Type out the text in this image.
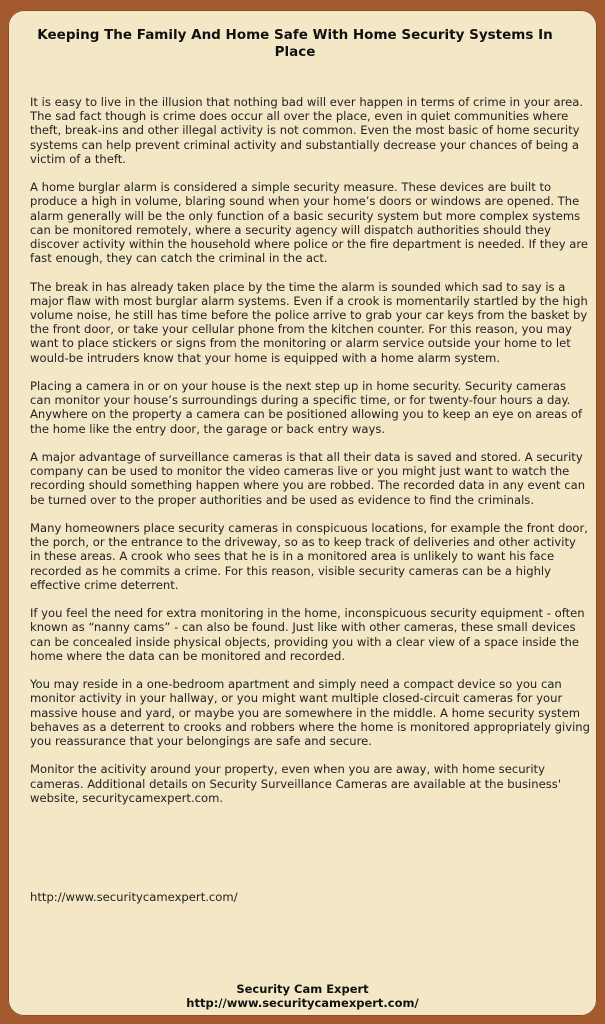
Keeping The Family And Home Safe With Home Security Systems In Place

It is easy to live in the illusion that nothing bad will ever happen in terms of crime in your area. The sad fact though is crime does occur all over the place, even in quiet communities where theft, break-ins and other illegal activity is not common. Even the most basic of home security systems can help prevent criminal activity and substantially decrease your chances of being a victim of a theft.

A home burglar alarm is considered a simple security measure. These devices are built to produce a high in volume, blaring sound when your home’s doors or windows are opened. The alarm generally will be the only function of a basic security system but more complex systems can be monitored remotely, where a security agency will dispatch authorities should they discover activity within the household where police or the fire department is needed. If they are fast enough, they can catch the criminal in the act.

The break in has already taken place by the time the alarm is sounded which sad to say is a major flaw with most burglar alarm systems. Even if a crook is momentarily startled by the high volume noise, he still has time before the police arrive to grab your car keys from the basket by the front door, or take your cellular phone from the kitchen counter. For this reason, you may want to place stickers or signs from the monitoring or alarm service outside your home to let would-be intruders know that your home is equipped with a home alarm system.

Placing a camera in or on your house is the next step up in home security. Security cameras can monitor your house’s surroundings during a specific time, or for twenty-four hours a day. Anywhere on the property a camera can be positioned allowing you to keep an eye on areas of the home like the entry door, the garage or back entry ways.

A major advantage of surveillance cameras is that all their data is saved and stored. A security company can be used to monitor the video cameras live or you might just want to watch the recording should something happen where you are robbed. The recorded data in any event can be turned over to the proper authorities and be used as evidence to find the criminals.

Many homeowners place security cameras in conspicuous locations, for example the front door, the porch, or the entrance to the driveway, so as to keep track of deliveries and other activity in these areas. A crook who sees that he is in a monitored area is unlikely to want his face recorded as he commits a crime. For this reason, visible security cameras can be a highly effective crime deterrent.

If you feel the need for extra monitoring in the home, inconspicuous security equipment - often known as “nanny cams” - can also be found. Just like with other cameras, these small devices can be concealed inside physical objects, providing you with a clear view of a space inside the home where the data can be monitored and recorded.

You may reside in a one-bedroom apartment and simply need a compact device so you can monitor activity in your hallway, or you might want multiple closed-circuit cameras for your massive house and yard, or maybe you are somewhere in the middle. A home security system behaves as a deterrent to crooks and robbers where the home is monitored appropriately giving you reassurance that your belongings are safe and secure.

Monitor the acitivity around your property, even when you are away, with home security cameras. Additional details on Security Surveillance Cameras are available at the business' website, securitycamexpert.com.

http://www.securitycamexpert.com/
Security Cam Expert
http://www.securitycamexpert.com/
